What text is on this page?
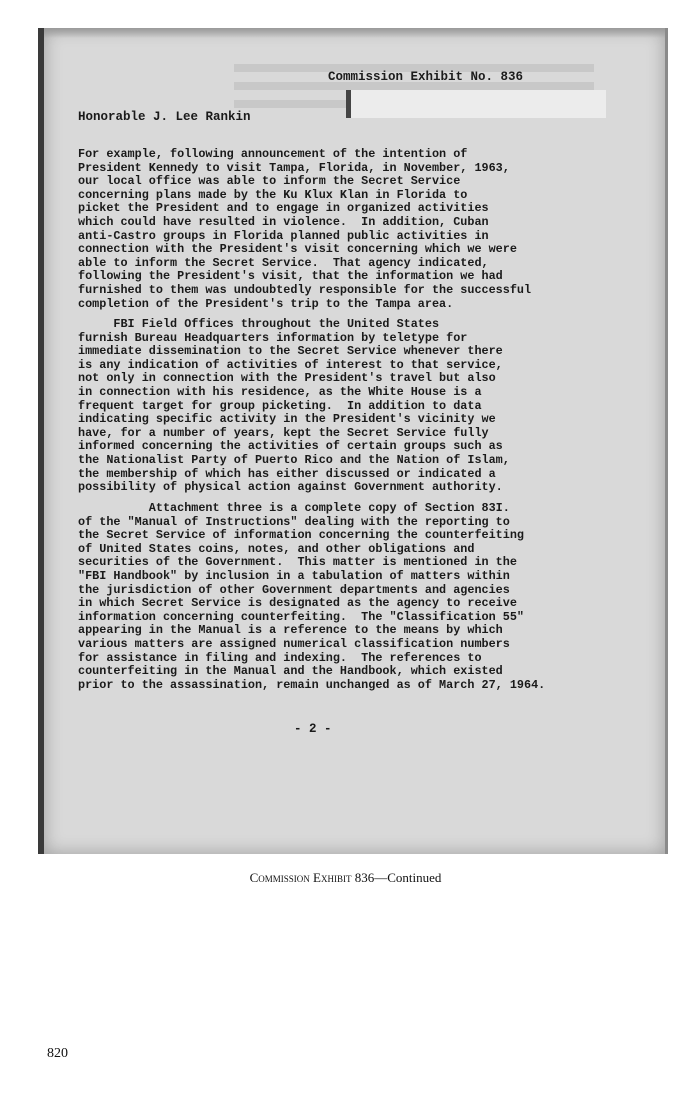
Commission Exhibit No. 836
Honorable J. Lee Rankin

For example, following announcement of the intention of
President Kennedy to visit Tampa, Florida, in November, 1963,
our local office was able to inform the Secret Service
concerning plans made by the Ku Klux Klan in Florida to
picket the President and to engage in organized activities
which could have resulted in violence.  In addition, Cuban
anti-Castro groups in Florida planned public activities in
connection with the President's visit concerning which we were
able to inform the Secret Service.  That agency indicated,
following the President's visit, that the information we had
furnished to them was undoubtedly responsible for the successful
completion of the President's trip to the Tampa area.

FBI Field Offices throughout the United States
furnish Bureau Headquarters information by teletype for
immediate dissemination to the Secret Service whenever there
is any indication of activities of interest to that service,
not only in connection with the President's travel but also
in connection with his residence, as the White House is a
frequent target for group picketing.  In addition to data
indicating specific activity in the President's vicinity we
have, for a number of years, kept the Secret Service fully
informed concerning the activities of certain groups such as
the Nationalist Party of Puerto Rico and the Nation of Islam,
the membership of which has either discussed or indicated a
possibility of physical action against Government authority.

Attachment three is a complete copy of Section 83I.
of the "Manual of Instructions" dealing with the reporting to
the Secret Service of information concerning the counterfeiting
of United States coins, notes, and other obligations and
securities of the Government.  This matter is mentioned in the
"FBI Handbook" by inclusion in a tabulation of matters within
the jurisdiction of other Government departments and agencies
in which Secret Service is designated as the agency to receive
information concerning counterfeiting.  The "Classification 55"
appearing in the Manual is a reference to the means by which
various matters are assigned numerical classification numbers
for assistance in filing and indexing.  The references to
counterfeiting in the Manual and the Handbook, which existed
prior to the assassination, remain unchanged as of March 27, 1964.

- 2 -
Commission Exhibit 836—Continued
820
